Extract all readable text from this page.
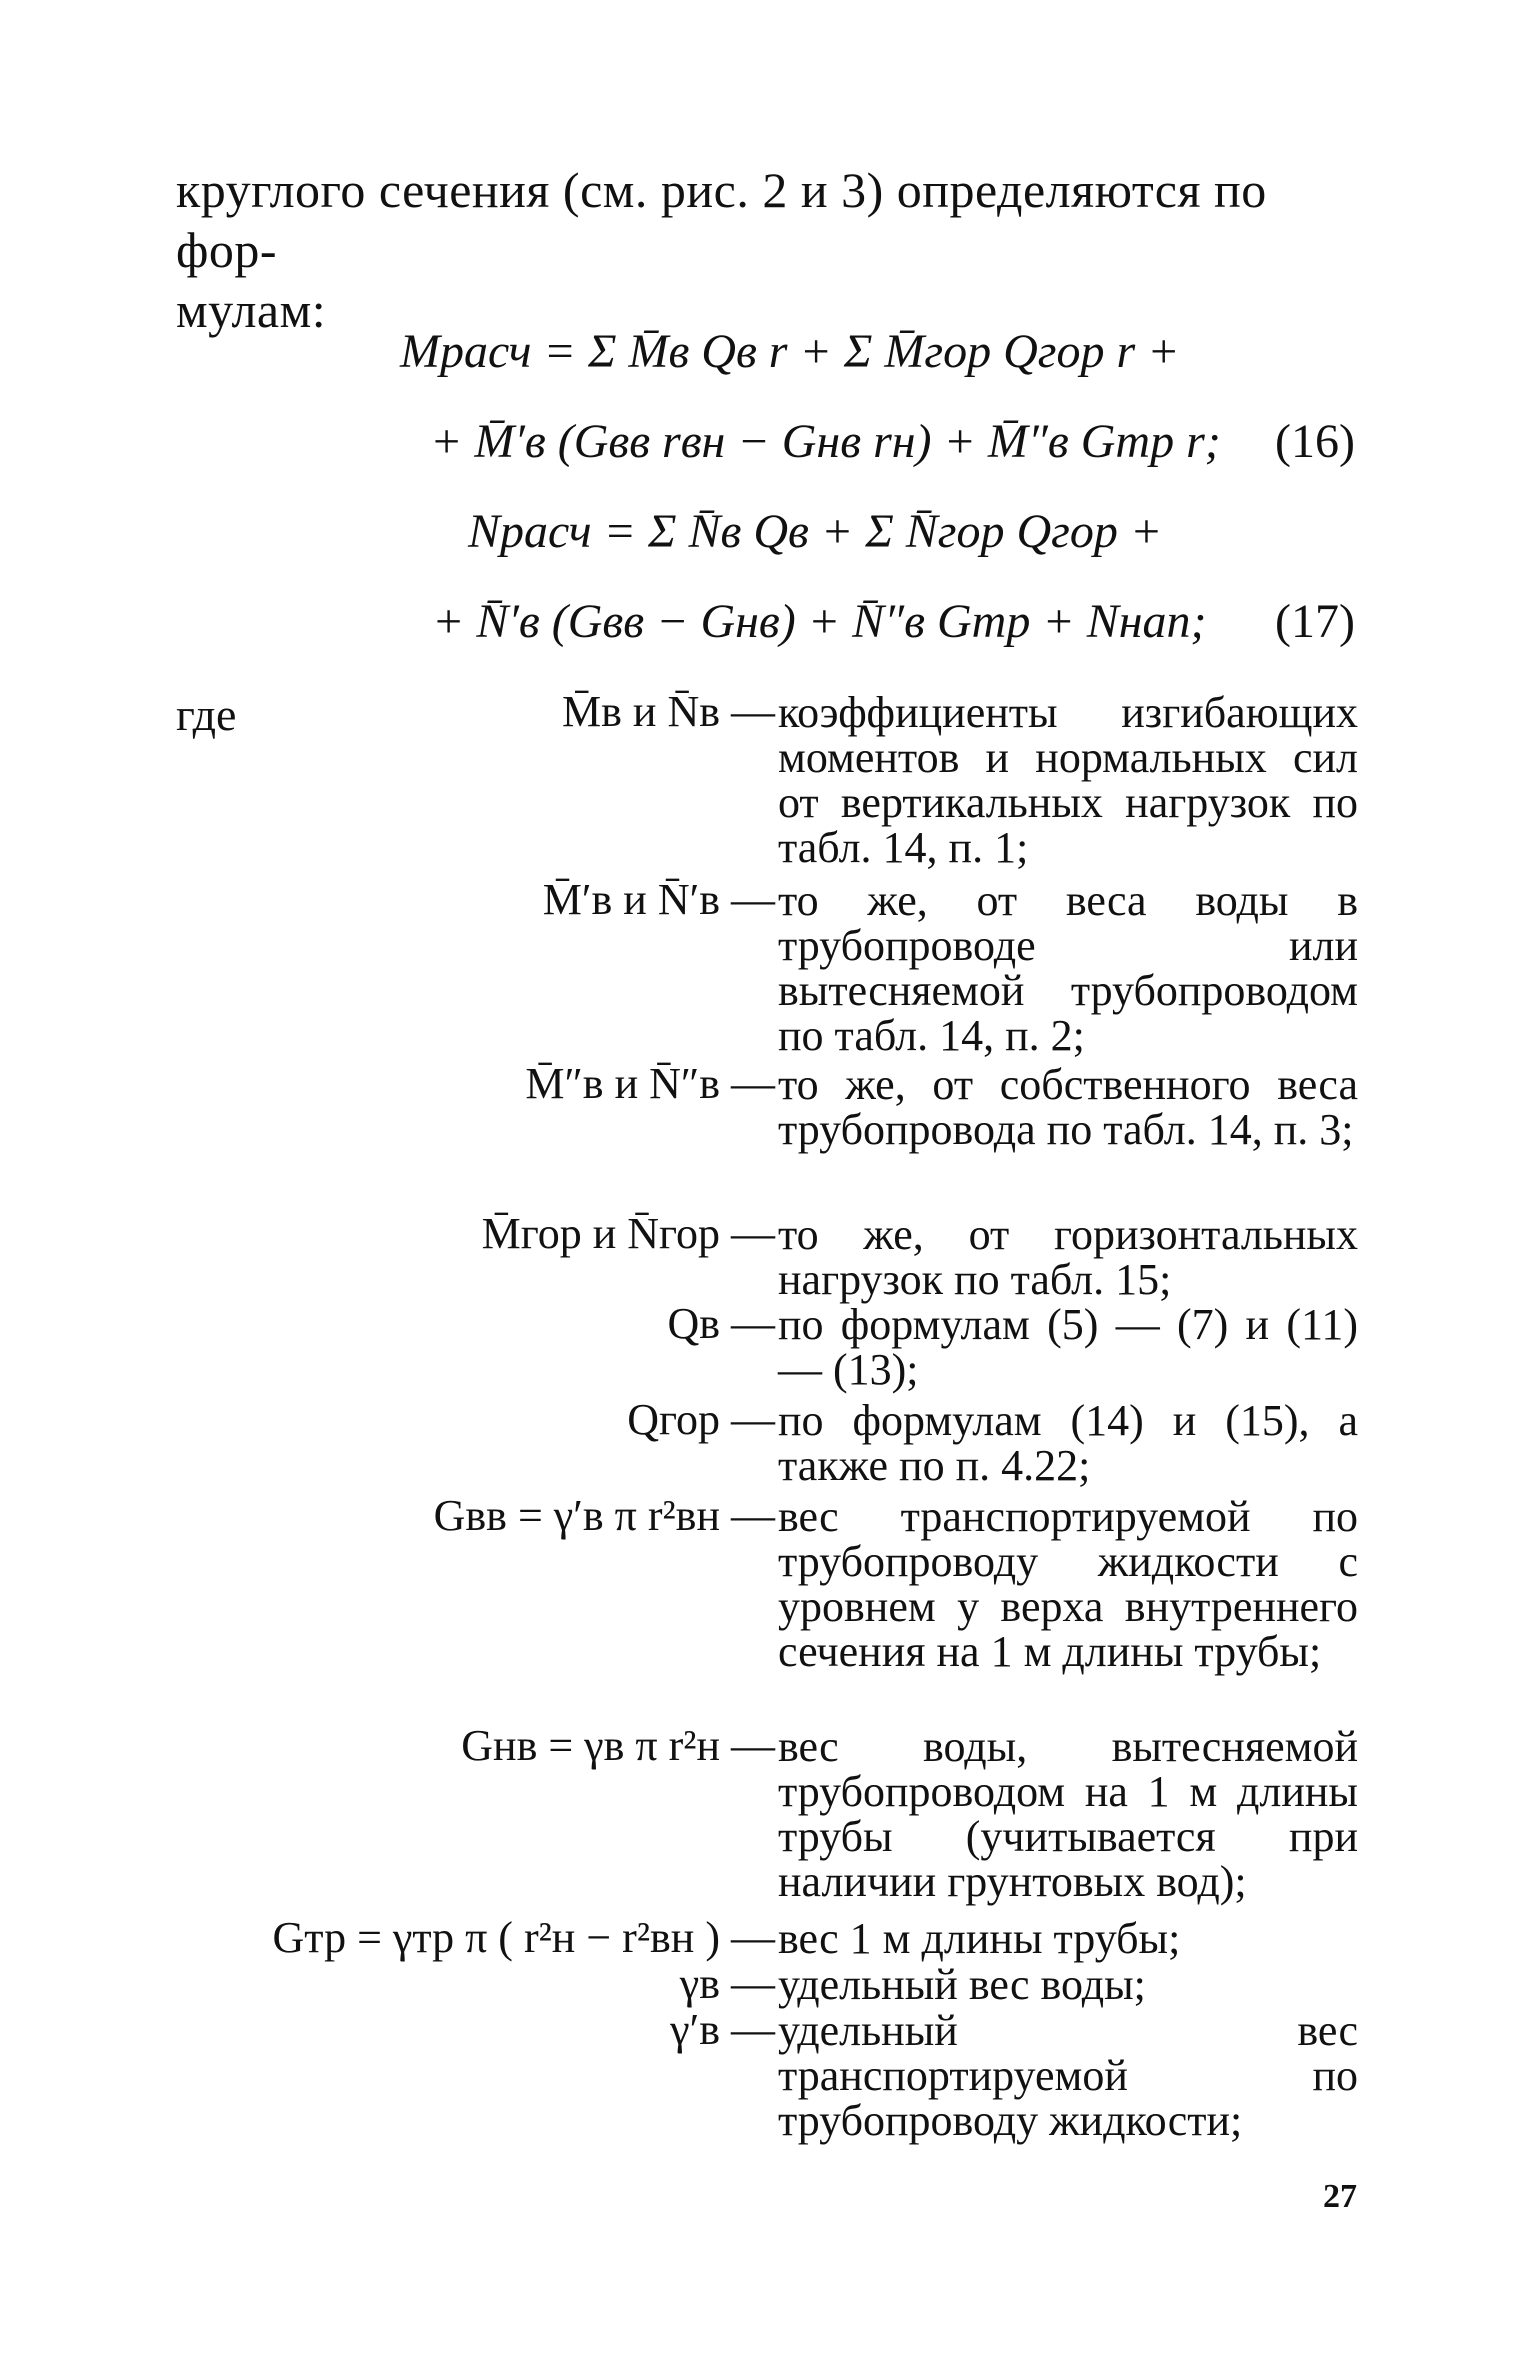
круглого сечения (см. рис. 2 и 3) определяются по фор-
мулам:
Mрасч = Σ M̄в Qв r + Σ M̄гор Qгор r +
+ M̄′в (Gвв rвн − Gнв rн) + M̄″в Gтр r; (16)
Nрасч = Σ N̄в Qв + Σ N̄гор Qгор +
+ N̄′в (Gвв − Gнв) + N̄″в Gтр + Nнап; (17)
где	M̄в и N̄в — коэффициенты изгибающих моментов и нормальных сил от вертикальных нагрузок по табл. 14, п. 1;
M̄′в и N̄′в — то же, от веса воды в трубопроводе или вытесняемой трубопроводом по табл. 14, п. 2;
M̄″в и N̄″в — то же, от собственного веса трубопровода по табл. 14, п. 3;
M̄гор и N̄гор — то же, от горизонтальных нагрузок по табл. 15;
Qв — по формулам (5) — (7) и (11) — (13);
Qгор — по формулам (14) и (15), а также по п. 4.22;
Gвв = γ′в π r²вн — вес транспортируемой по трубопроводу жидкости с уровнем у верха внутреннего сечения на 1 м длины трубы;
Gнв = γв π r²н — вес воды, вытесняемой трубопроводом на 1 м длины трубы (учитывается при наличии грунтовых вод);
Gтр = γтр π ( r²н − r²вн ) — вес 1 м длины трубы;
γв — удельный вес воды;
γ′в — удельный вес транспортируемой по трубопроводу жидкости;
27
